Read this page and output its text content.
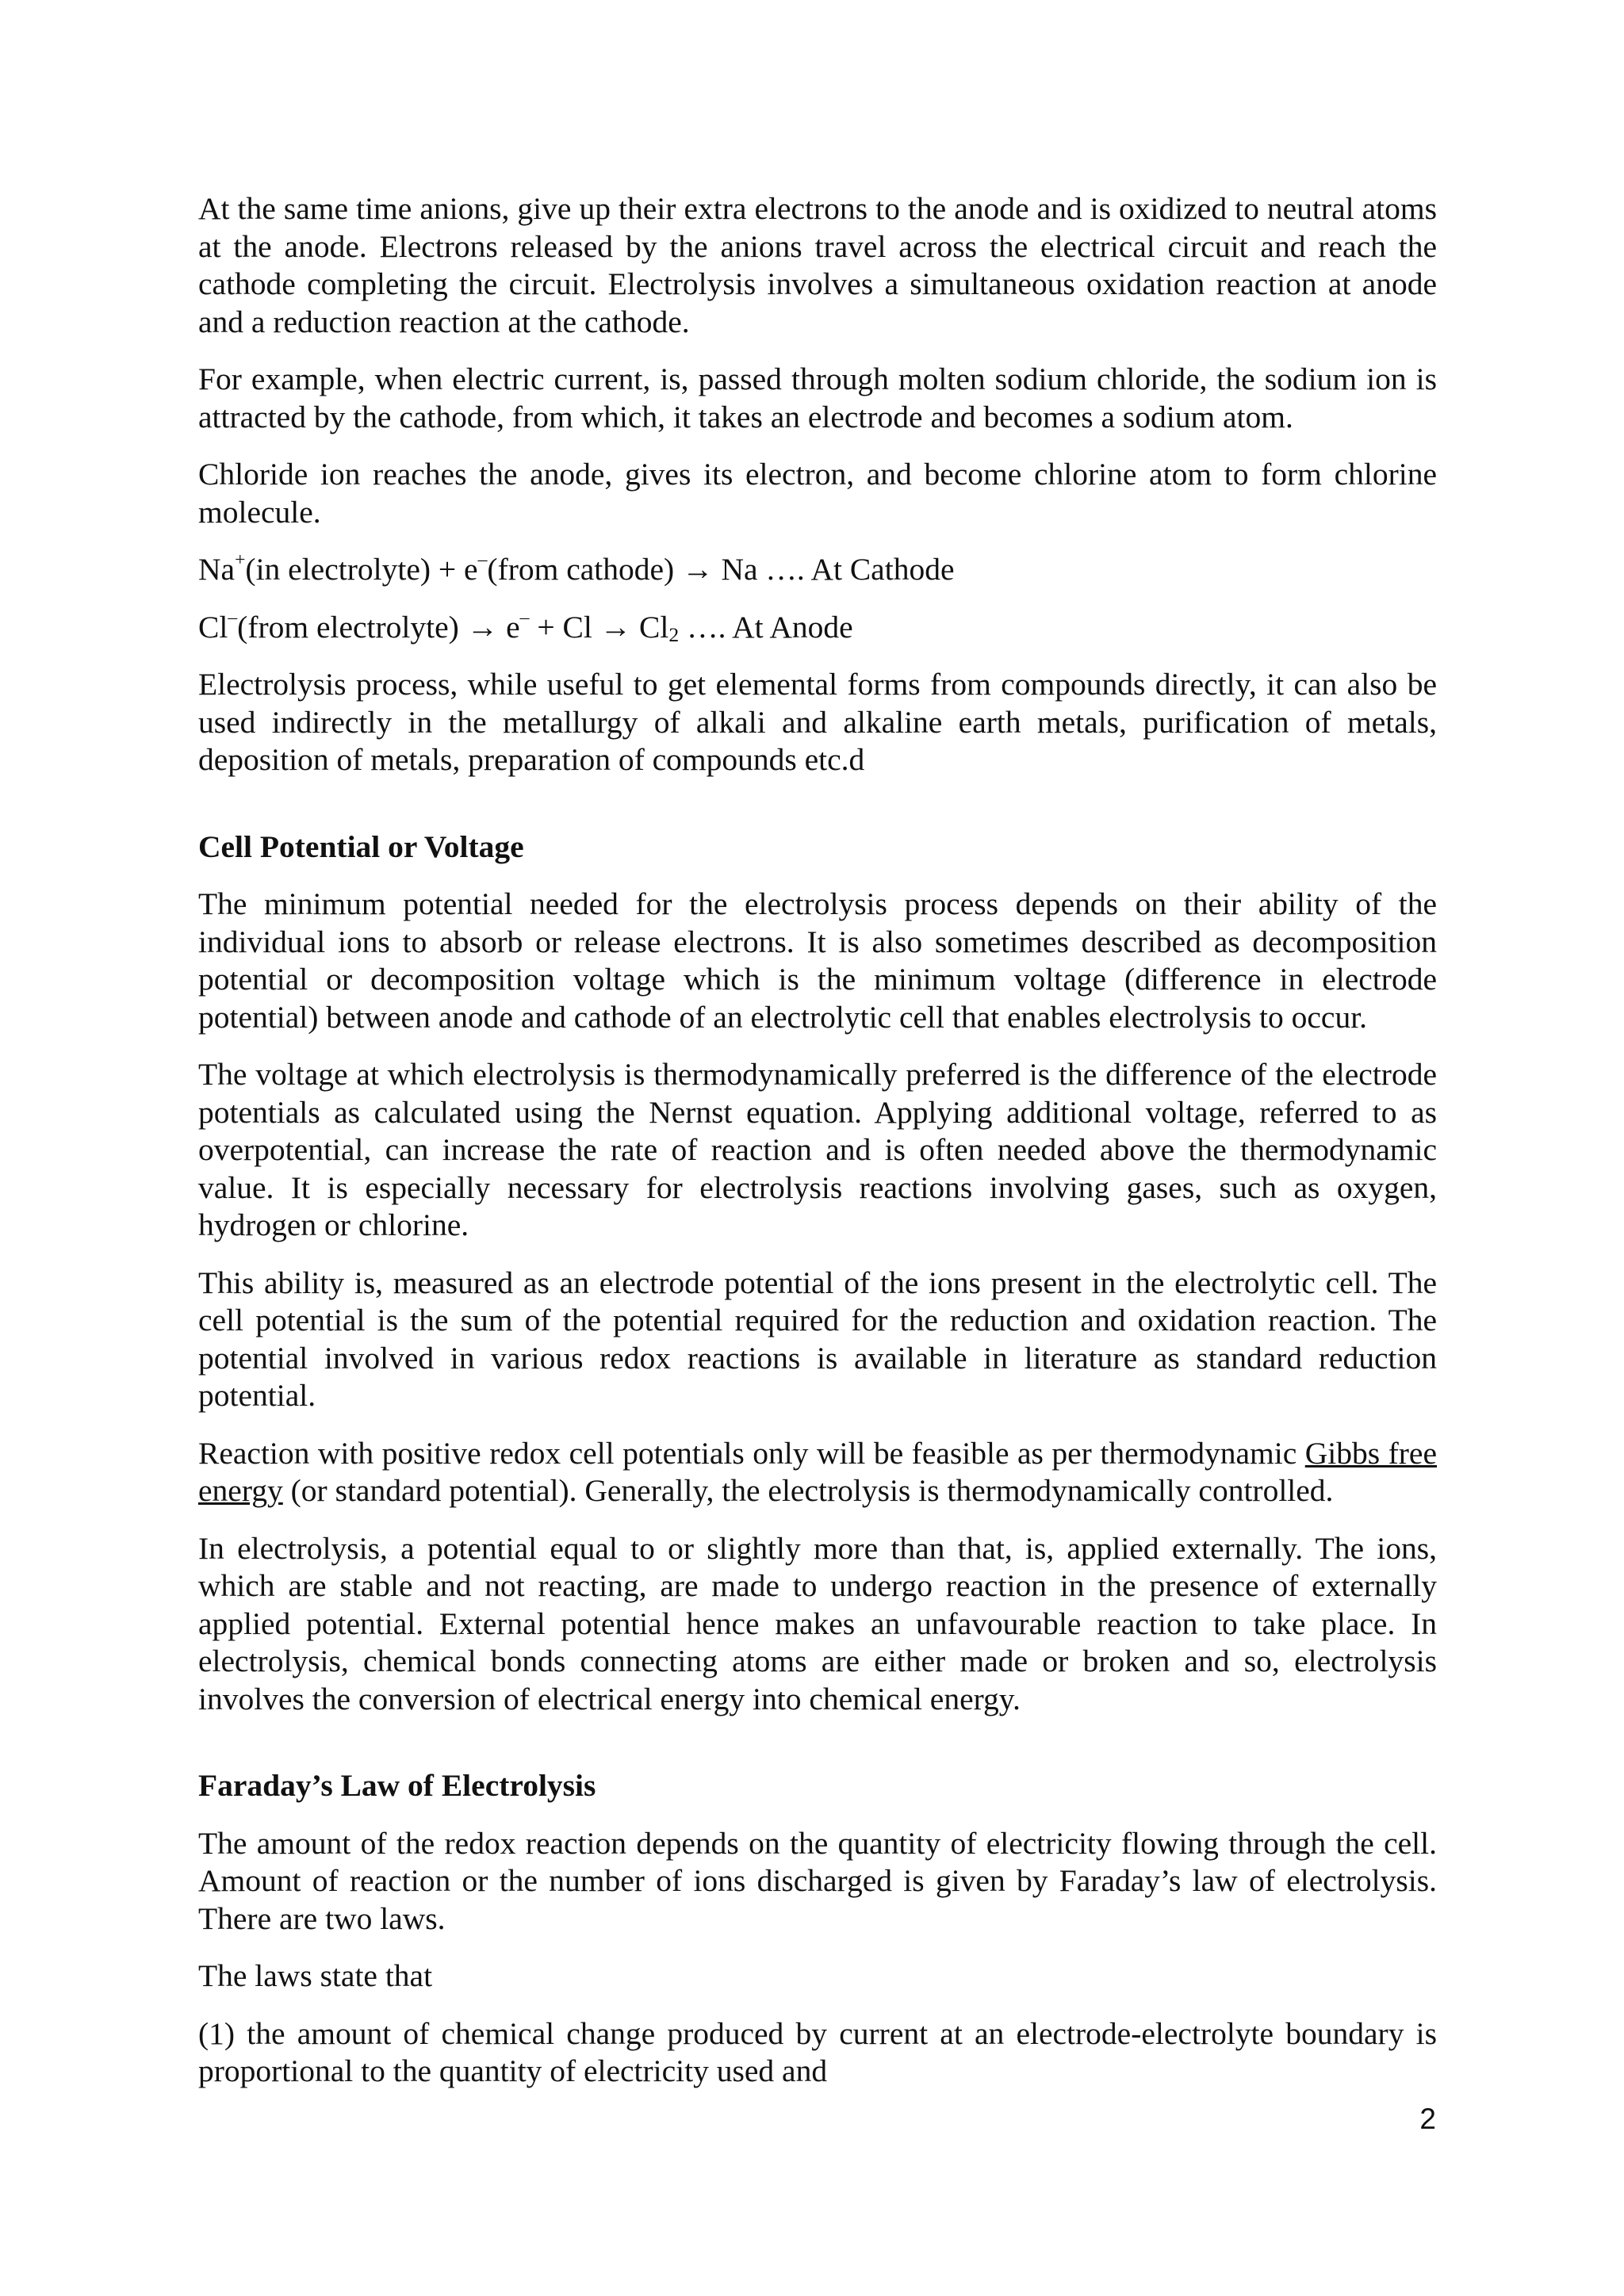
At the same time anions, give up their extra electrons to the anode and is oxidized to neutral atoms at the anode. Electrons released by the anions travel across the electrical circuit and reach the cathode completing the circuit. Electrolysis involves a simultaneous oxidation reaction at anode and a reduction reaction at the cathode.

For example, when electric current, is, passed through molten sodium chloride, the sodium ion is attracted by the cathode, from which, it takes an electrode and becomes a sodium atom.

Chloride ion reaches the anode, gives its electron, and become chlorine atom to form chlorine molecule.

Na+(in electrolyte) + e–(from cathode) → Na …. At Cathode

Cl–(from electrolyte) → $e^- + Cl \to Cl_2$ …. At Anode

Electrolysis process, while useful to get elemental forms from compounds directly, it can also be used indirectly in the metallurgy of alkali and alkaline earth metals, purification of metals, deposition of metals, preparation of compounds etc.d

Cell Potential or Voltage

The minimum potential needed for the electrolysis process depends on their ability of the individual ions to absorb or release electrons. It is also sometimes described as decomposition potential or decomposition voltage which is the minimum voltage (difference in electrode potential) between anode and cathode of an electrolytic cell that enables electrolysis to occur.

The voltage at which electrolysis is thermodynamically preferred is the difference of the electrode potentials as calculated using the Nernst equation. Applying additional voltage, referred to as overpotential, can increase the rate of reaction and is often needed above the thermodynamic value. It is especially necessary for electrolysis reactions involving gases, such as oxygen, hydrogen or chlorine.

This ability is, measured as an electrode potential of the ions present in the electrolytic cell. The cell potential is the sum of the potential required for the reduction and oxidation reaction. The potential involved in various redox reactions is available in literature as standard reduction potential.

Reaction with positive redox cell potentials only will be feasible as per thermodynamic Gibbs free energy (or standard potential). Generally, the electrolysis is thermodynamically controlled.

In electrolysis, a potential equal to or slightly more than that, is, applied externally. The ions, which are stable and not reacting, are made to undergo reaction in the presence of externally applied potential. External potential hence makes an unfavourable reaction to take place. In electrolysis, chemical bonds connecting atoms are either made or broken and so, electrolysis involves the conversion of electrical energy into chemical energy.

Faraday’s Law of Electrolysis

The amount of the redox reaction depends on the quantity of electricity flowing through the cell. Amount of reaction or the number of ions discharged is given by Faraday’s law of electrolysis. There are two laws.

The laws state that

(1) the amount of chemical change produced by current at an electrode-electrolyte boundary is proportional to the quantity of electricity used and

2
